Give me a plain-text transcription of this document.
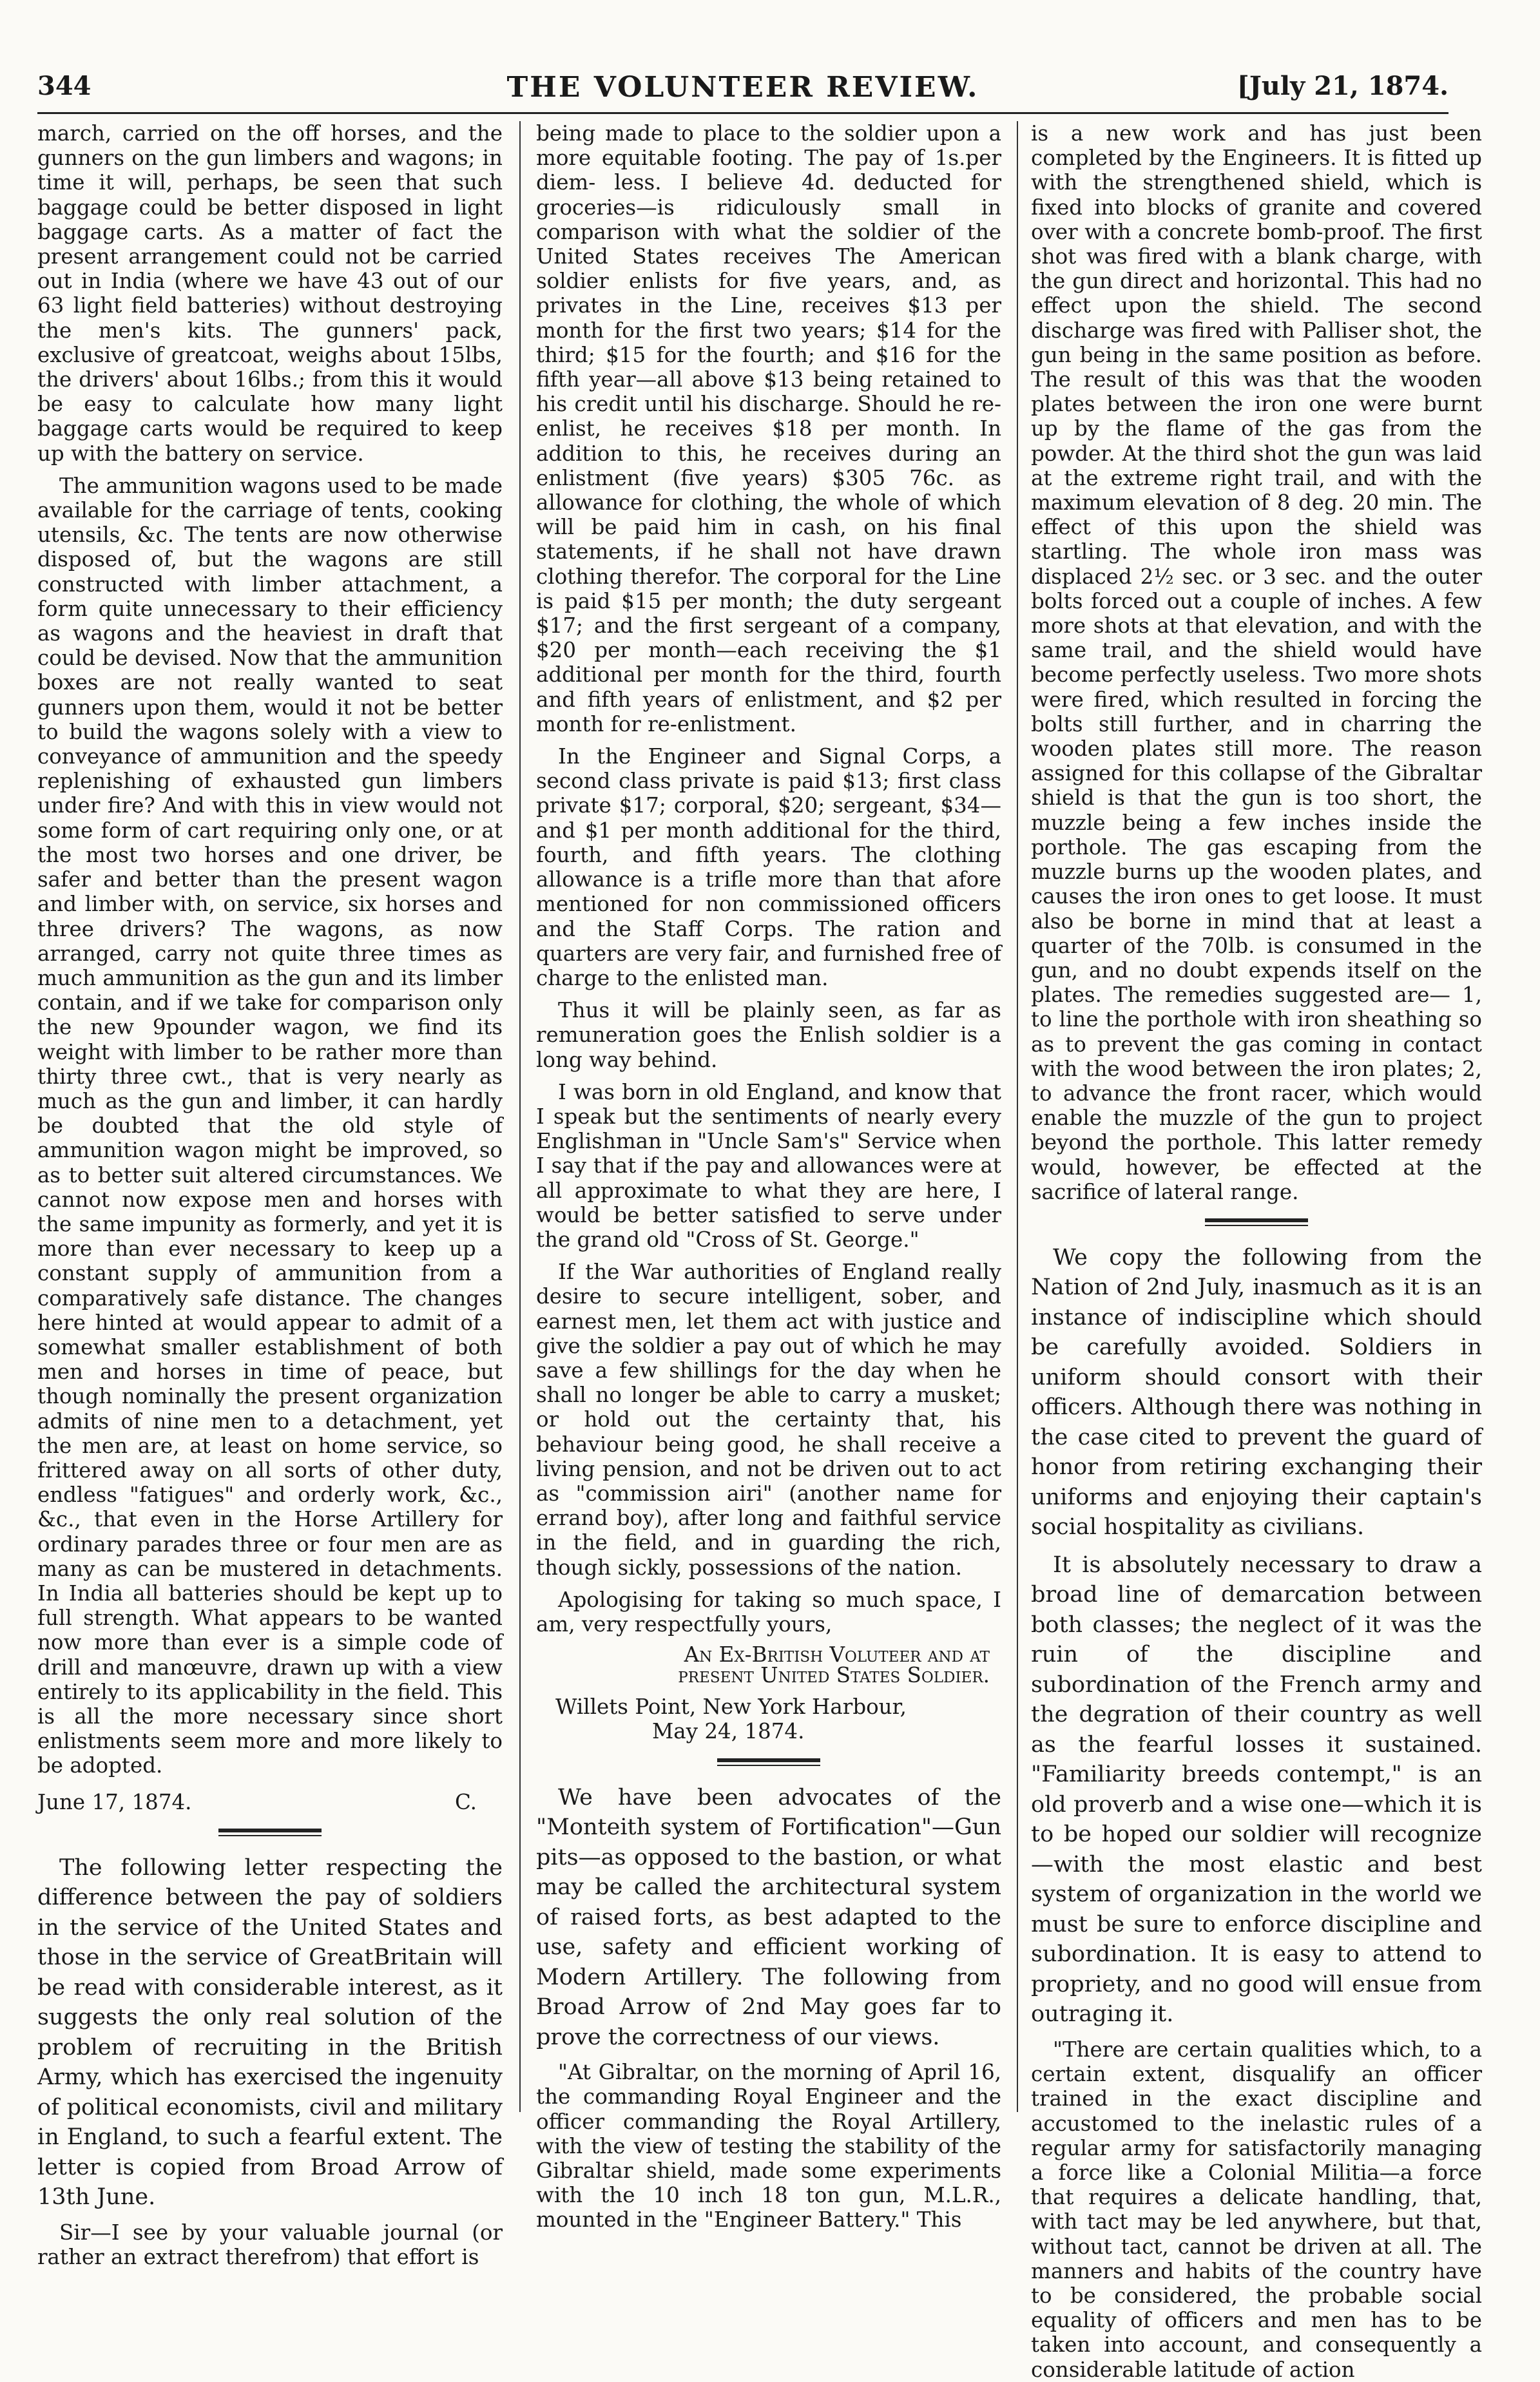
344	THE VOLUNTEER REVIEW.	[July 21, 1874.

march, carried on the off horses, and the gunners on the gun limbers and wagons; in time it will, perhaps, be seen that such baggage could be better disposed in light baggage carts. As a matter of fact the present arrangement could not be carried out in India (where we have 43 out of our 63 light field batteries) without destroying the men's kits. The gunners' pack, exclusive of greatcoat, weighs about 15lbs, the drivers' about 16lbs.; from this it would be easy to calculate how many light baggage carts would be required to keep up with the battery on service.

The ammunition wagons used to be made available for the carriage of tents, cooking utensils, &c. The tents are now otherwise disposed of, but the wagons are still constructed with limber attachment, a form quite unnecessary to their efficiency as wagons and the heaviest in draft that could be devised. Now that the ammunition boxes are not really wanted to seat gunners upon them, would it not be better to build the wagons solely with a view to conveyance of ammunition and the speedy replenishing of exhausted gun limbers under fire? And with this in view would not some form of cart requiring only one, or at the most two horses and one driver, be safer and better than the present wagon and limber with, on service, six horses and three drivers? The wagons, as now arranged, carry not quite three times as much ammunition as the gun and its limber contain, and if we take for comparison only the new 9pounder wagon, we find its weight with limber to be rather more than thirty three cwt., that is very nearly as much as the gun and limber, it can hardly be doubted that the old style of ammunition wagon might be improved, so as to better suit altered circumstances. We cannot now expose men and horses with the same impunity as formerly, and yet it is more than ever necessary to keep up a constant supply of ammunition from a comparatively safe distance. The changes here hinted at would appear to admit of a somewhat smaller establishment of both men and horses in time of peace, but though nominally the present organization admits of nine men to a detachment, yet the men are, at least on home service, so frittered away on all sorts of other duty, endless "fatigues" and orderly work, &c., &c., that even in the Horse Artillery for ordinary parades three or four men are as many as can be mustered in detachments. In India all batteries should be kept up to full strength. What appears to be wanted now more than ever is a simple code of drill and manœuvre, drawn up with a view entirely to its applicability in the field. This is all the more necessary since short enlistments seem more and more likely to be adopted.

June 17, 1874.	C.

The following letter respecting the difference between the pay of soldiers in the service of the United States and those in the service of GreatBritain will be read with considerable interest, as it suggests the only real solution of the problem of recruiting in the British Army, which has exercised the ingenuity of political economists, civil and military in England, to such a fearful extent. The letter is copied from Broad Arrow of 13th June.

Sir—I see by your valuable journal (or rather an extract therefrom) that effort is

being made to place to the soldier upon a more equitable footing. The pay of 1s.per diem- less. I believe 4d. deducted for groceries—is ridiculously small in comparison with what the soldier of the United States receives The American soldier enlists for five years, and, as privates in the Line, receives $13 per month for the first two years; $14 for the third; $15 for the fourth; and $16 for the fifth year—all above $13 being retained to his credit until his discharge. Should he re-enlist, he receives $18 per month. In addition to this, he receives during an enlistment (five years) $305 76c. as allowance for clothing, the whole of which will be paid him in cash, on his final statements, if he shall not have drawn clothing therefor. The corporal for the Line is paid $15 per month; the duty sergeant $17; and the first sergeant of a company, $20 per month—each receiving the $1 additional per month for the third, fourth and fifth years of enlistment, and $2 per month for re-enlistment.

In the Engineer and Signal Corps, a second class private is paid $13; first class private $17; corporal, $20; sergeant, $34—and $1 per month additional for the third, fourth, and fifth years. The clothing allowance is a trifle more than that afore mentioned for non commissioned officers and the Staff Corps. The ration and quarters are very fair, and furnished free of charge to the enlisted man.

Thus it will be plainly seen, as far as remuneration goes the Enlish soldier is a long way behind.

I was born in old England, and know that I speak but the sentiments of nearly every Englishman in "Uncle Sam's" Service when I say that if the pay and allowances were at all approximate to what they are here, I would be better satisfied to serve under the grand old "Cross of St. George."

If the War authorities of England really desire to secure intelligent, sober, and earnest men, let them act with justice and give the soldier a pay out of which he may save a few shillings for the day when he shall no longer be able to carry a musket; or hold out the certainty that, his behaviour being good, he shall receive a living pension, and not be driven out to act as "commission airi" (another name for errand boy), after long and faithful service in the field, and in guarding the rich, though sickly, possessions of the nation.

Apologising for taking so much space, I am, very respectfully yours,

An Ex-British Voluteer and at
present United States Soldier.
Willets Point, New York Harbour,
May 24, 1874.

We have been advocates of the "Monteith system of Fortification"—Gun pits—as opposed to the bastion, or what may be called the architectural system of raised forts, as best adapted to the use, safety and efficient working of Modern Artillery. The following from Broad Arrow of 2nd May goes far to prove the correctness of our views.

"At Gibraltar, on the morning of April 16, the commanding Royal Engineer and the officer commanding the Royal Artillery, with the view of testing the stability of the Gibraltar shield, made some experiments with the 10 inch 18 ton gun, M.L.R., mounted in the "Engineer Battery." This

is a new work and has just been completed by the Engineers. It is fitted up with the strengthened shield, which is fixed into blocks of granite and covered over with a concrete bomb-proof. The first shot was fired with a blank charge, with the gun direct and horizontal. This had no effect upon the shield. The second discharge was fired with Palliser shot, the gun being in the same position as before. The result of this was that the wooden plates between the iron one were burnt up by the flame of the gas from the powder. At the third shot the gun was laid at the extreme right trail, and with the maximum elevation of 8 deg. 20 min. The effect of this upon the shield was startling. The whole iron mass was displaced 2½ sec. or 3 sec. and the outer bolts forced out a couple of inches. A few more shots at that elevation, and with the same trail, and the shield would have become perfectly useless. Two more shots were fired, which resulted in forcing the bolts still further, and in charring the wooden plates still more. The reason assigned for this collapse of the Gibraltar shield is that the gun is too short, the muzzle being a few inches inside the porthole. The gas escaping from the muzzle burns up the wooden plates, and causes the iron ones to get loose. It must also be borne in mind that at least a quarter of the 70lb. is consumed in the gun, and no doubt expends itself on the plates. The remedies suggested are— 1, to line the porthole with iron sheathing so as to prevent the gas coming in contact with the wood between the iron plates; 2, to advance the front racer, which would enable the muzzle of the gun to project beyond the porthole. This latter remedy would, however, be effected at the sacrifice of lateral range.

We copy the following from the Nation of 2nd July, inasmuch as it is an instance of indiscipline which should be carefully avoided. Soldiers in uniform should consort with their officers. Although there was nothing in the case cited to prevent the guard of honor from retiring exchanging their uniforms and enjoying their captain's social hospitality as civilians.

It is absolutely necessary to draw a broad line of demarcation between both classes; the neglect of it was the ruin of the discipline and subordination of the French army and the degration of their country as well as the fearful losses it sustained. "Familiarity breeds contempt," is an old proverb and a wise one—which it is to be hoped our soldier will recognize—with the most elastic and best system of organization in the world we must be sure to enforce discipline and subordination. It is easy to attend to propriety, and no good will ensue from outraging it.

"There are certain qualities which, to a certain extent, disqualify an officer trained in the exact discipline and accustomed to the inelastic rules of a regular army for satisfactorily managing a force like a Colonial Militia—a force that requires a delicate handling, that, with tact may be led anywhere, but that, without tact, cannot be driven at all. The manners and habits of the country have to be considered, the probable social equality of officers and men has to be taken into account, and consequently a considerable latitude of action
